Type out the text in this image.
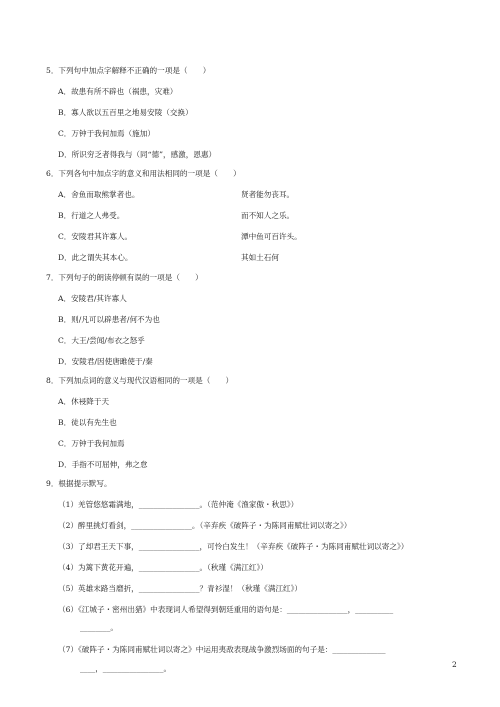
5．下列句中加点字解释不正确的一项是（　　）
A．故患有所不辟也（祸患，灾难）
B．寡人欲以五百里之地易安陵（交换）
C．万钟于我何加焉（施加）
D．所识穷乏者得我与（同“德”，感激，恩惠）
6．下列各句中加点字的意义和用法相同的一项是（　　）
A．舍鱼而取熊掌者也。	贤者能勿丧耳。
B．行道之人弗受。	而不知人之乐。
C．安陵君其许寡人。	潭中鱼可百许头。
D．此之谓失其本心。	其如土石何
7．下列句子的朗读停顿有误的一项是（　　）
A．安陵君/其许寡人
B．则/凡可以辟患者/何不为也
C．大王/尝闻/布衣之怒乎
D．安陵君/因使唐雎使于/秦
8．下列加点词的意义与现代汉语相同的一项是（　　）
A．休祲降于天
B．徒以有先生也
C．万钟于我何加焉
D．手指不可屈伸，弗之怠
9．根据提示默写。
（1）羌管悠悠霜满地，________________。（范仲淹《渔家傲・秋思》）
（2）醉里挑灯看剑，________________。（辛弃疾《破阵子・为陈同甫赋壮词以寄之》）
（3）了却君王天下事，________________，可怜白发生！（辛弃疾《破阵子・为陈同甫赋壮词以寄之》）
（4）为篱下黄花开遍，________________。（秋瑾《满江红》）
（5）英雄末路当磨折，________________？青衫湿！（秋瑾《满江红》）
（6）《江城子・密州出猎》中表现词人希望得到朝廷重用的语句是：________________，__________
________。
（7）《破阵子・为陈同甫赋壮词以寄之》中运用夷敌表现战争激烈场面的句子是：______________
____，________________。	2
